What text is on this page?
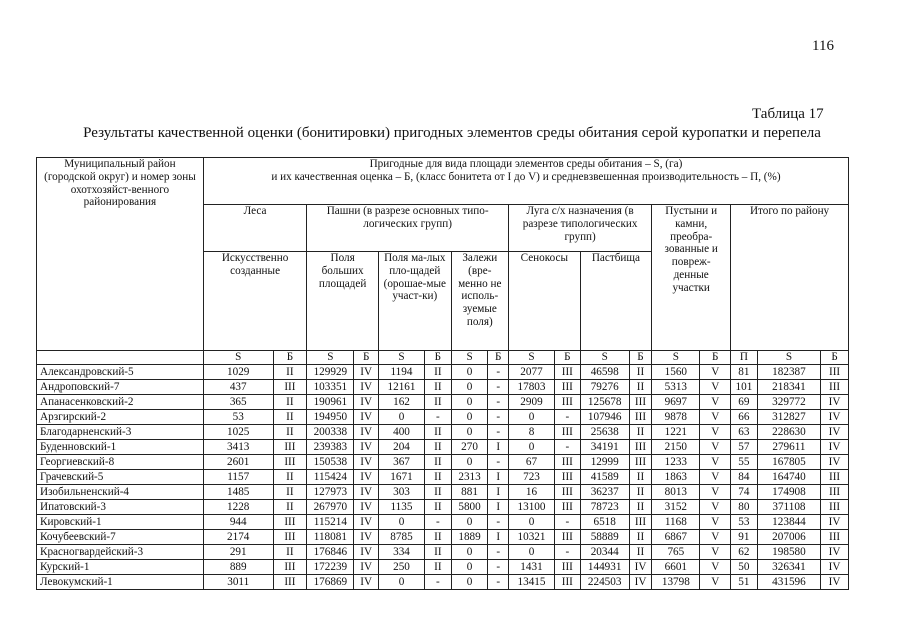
116
Таблица 17
Результаты качественной оценки (бонитировки) пригодных элементов среды обитания серой куропатки и перепела
Муниципальный район (городской округ) и номер зоны охотхозяйст-венного районирования	Пригодные для вида площади элементов среды обитания – S, (га)
и их качественная оценка – Б, (класс бонитета от I до V) и средневзвешенная производительность – П, (%)																

	Леса		Пашни (в разрезе основных типо-логических групп)						Луга с/х назначения (в разрезе типологических групп)				Пустыни и камни, преобра-зованные и повреж-денные участки		Итого по району		
	Искусственно созданные		Поля больших площадей		Поля ма-лых пло-щадей (орошае-мые участ-ки)		Залежи (вре-менно не исполь-зуемые поля)		Сенокосы		Пастбища						
	S	Б	S	Б	S	Б	S	Б	S	Б	S	Б	S	Б	П	S	Б
Александровский-5	1029	II	129929	IV	1194	II	0	-	2077	III	46598	II	1560	V	81	182387	III
Андроповский-7	437	III	103351	IV	12161	II	0	-	17803	III	79276	II	5313	V	101	218341	III
Апанасенковский-2	365	II	190961	IV	162	II	0	-	2909	III	125678	III	9697	V	69	329772	IV
Арзгирский-2	53	II	194950	IV	0	-	0	-	0	-	107946	III	9878	V	66	312827	IV
Благодарненский-3	1025	II	200338	IV	400	II	0	-	8	III	25638	II	1221	V	63	228630	IV
Буденновский-1	3413	III	239383	IV	204	II	270	I	0	-	34191	III	2150	V	57	279611	IV
Георгиевский-8	2601	III	150538	IV	367	II	0	-	67	III	12999	III	1233	V	55	167805	IV
Грачевский-5	1157	II	115424	IV	1671	II	2313	I	723	III	41589	II	1863	V	84	164740	III
Изобильненский-4	1485	II	127973	IV	303	II	881	I	16	III	36237	II	8013	V	74	174908	III
Ипатовский-3	1228	II	267970	IV	1135	II	5800	I	13100	III	78723	II	3152	V	80	371108	III
Кировский-1	944	III	115214	IV	0	-	0	-	0	-	6518	III	1168	V	53	123844	IV
Кочубеевский-7	2174	III	118081	IV	8785	II	1889	I	10321	III	58889	II	6867	V	91	207006	III
Красногвардейский-3	291	II	176846	IV	334	II	0	-	0	-	20344	II	765	V	62	198580	IV
Курский-1	889	III	172239	IV	250	II	0	-	1431	III	144931	IV	6601	V	50	326341	IV
Левокумский-1	3011	III	176869	IV	0	-	0	-	13415	III	224503	IV	13798	V	51	431596	IV
